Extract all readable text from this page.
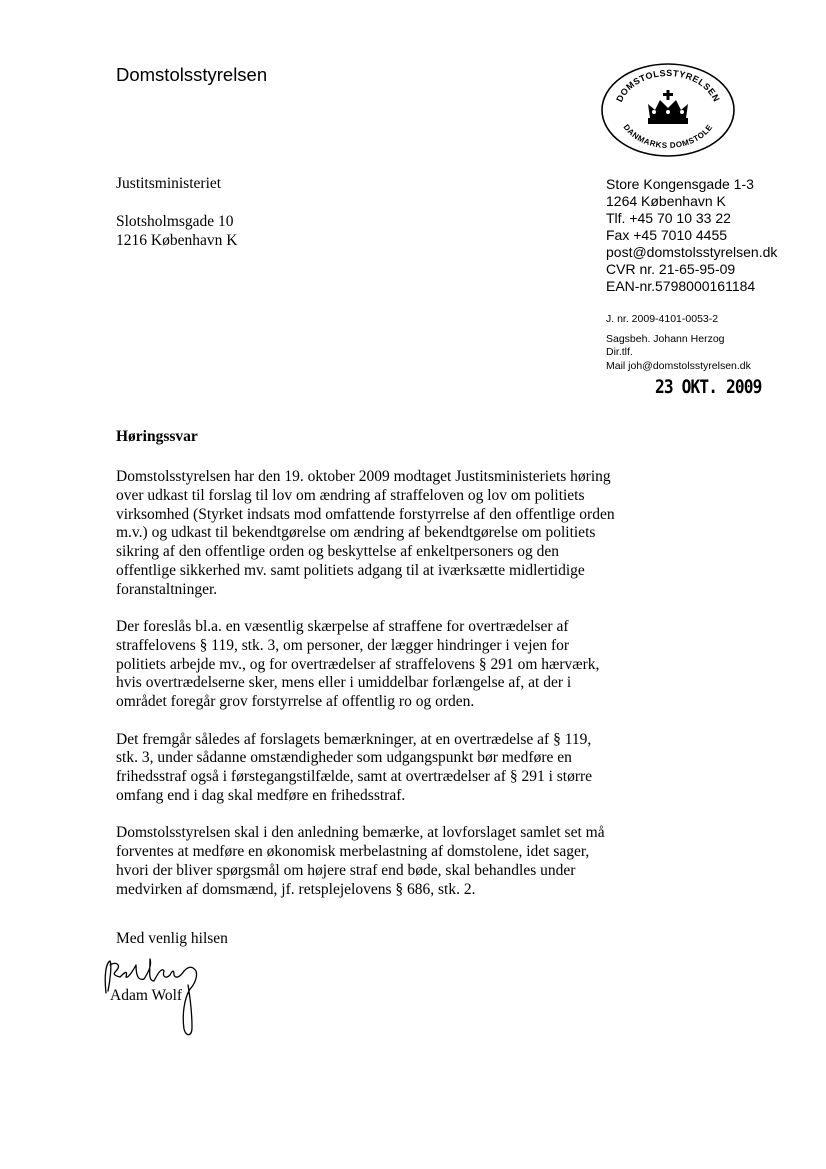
Domstolsstyrelsen
DOMSTOLSSTYRELSEN
DANMARKS DOMSTOLE
Justitsministeriet
Slotsholmsgade 10
1216 København K
Store Kongensgade 1-3
1264 København K
Tlf. +45 70 10 33 22
Fax +45 7010 4455
post@domstolsstyrelsen.dk
CVR nr. 21-65-95-09
EAN-nr.5798000161184
J. nr. 2009-4101-0053-2
Sagsbeh. Johann Herzog
Dir.tlf.
Mail joh@domstolsstyrelsen.dk
23 OKT. 2009
Høringssvar

Domstolsstyrelsen har den 19. oktober 2009 modtaget Justitsministeriets høring over udkast til forslag til lov om ændring af straffeloven og lov om politiets virksomhed (Styrket indsats mod omfattende forstyrrelse af den offentlige orden m.v.) og udkast til bekendtgørelse om ændring af bekendtgørelse om politiets sikring af den offentlige orden og beskyttelse af enkeltpersoners og den offentlige sikkerhed mv. samt politiets adgang til at iværksætte midlertidige foranstaltninger.

Der foreslås bl.a. en væsentlig skærpelse af straffene for overtrædelser af straffelovens § 119, stk. 3, om personer, der lægger hindringer i vejen for politiets arbejde mv., og for overtrædelser af straffelovens § 291 om hærværk, hvis overtrædelserne sker, mens eller i umiddelbar forlængelse af, at der i området foregår grov forstyrrelse af offentlig ro og orden.

Det fremgår således af forslagets bemærkninger, at en overtrædelse af § 119, stk. 3, under sådanne omstændigheder som udgangspunkt bør medføre en frihedsstraf også i førstegangstilfælde, samt at overtrædelser af § 291 i større omfang end i dag skal medføre en frihedsstraf.

Domstolsstyrelsen skal i den anledning bemærke, at lovforslaget samlet set må forventes at medføre en økonomisk merbelastning af domstolene, idet sager, hvori der bliver spørgsmål om højere straf end bøde, skal behandles under medvirken af domsmænd, jf. retsplejelovens § 686, stk. 2.

Med venlig hilsen
Adam Wolf
